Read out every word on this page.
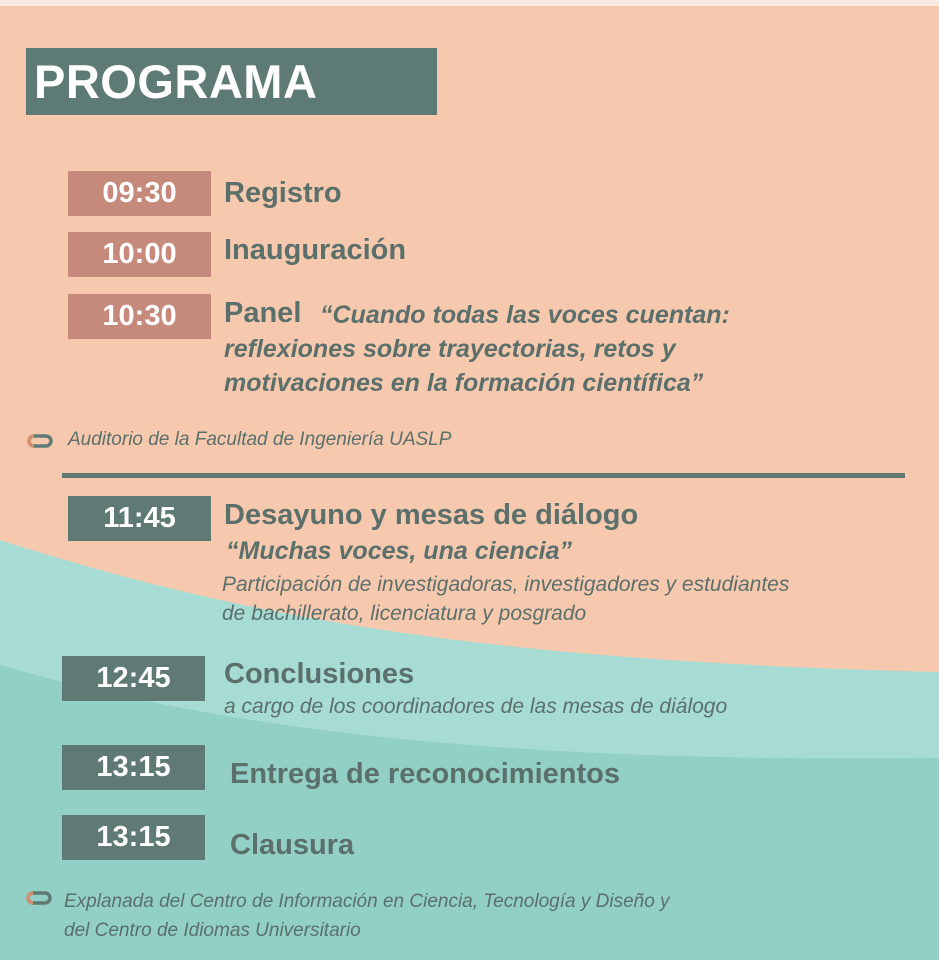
PROGRAMA
09:30	Registro
10:00	Inauguración
10:30	Panel “Cuando todas las voces cuentan:
reflexiones sobre trayectorias, retos y
motivaciones en la formación científica”
Auditorio de la Facultad de Ingeniería UASLP
11:45	Desayuno y mesas de diálogo
“Muchas voces, una ciencia”
Participación de investigadoras, investigadores y estudiantes
de bachillerato, licenciatura y posgrado
12:45	Conclusiones
a cargo de los coordinadores de las mesas de diálogo
13:15	Entrega de reconocimientos
13:15	Clausura
Explanada del Centro de Información en Ciencia, Tecnología y Diseño y
del Centro de Idiomas Universitario
